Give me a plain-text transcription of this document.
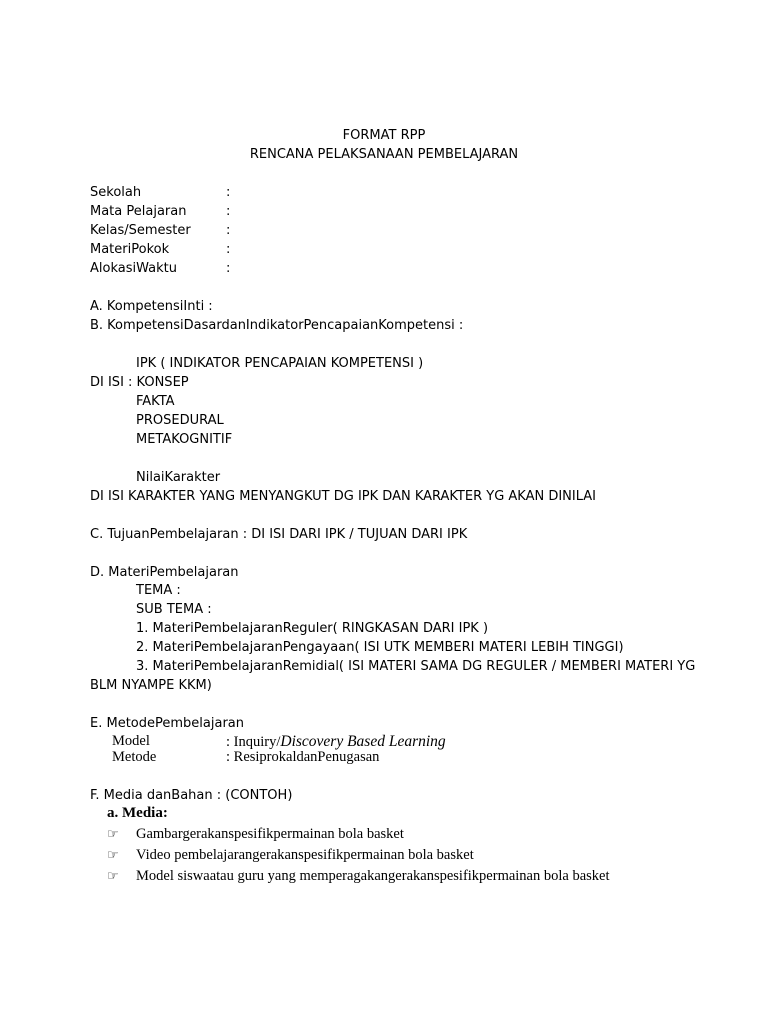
FORMAT RPP
RENCANA PELAKSANAAN PEMBELAJARAN
Sekolah	:
Mata Pelajaran	:
Kelas/Semester	:
MateriPokok	:
AlokasiWaktu	:
A. KompetensiInti :
B. KompetensiDasardanIndikatorPencapaianKompetensi :
IPK ( INDIKATOR PENCAPAIAN KOMPETENSI )
DI ISI : KONSEP
FAKTA
PROSEDURAL
METAKOGNITIF
NilaiKarakter
DI ISI KARAKTER YANG MENYANGKUT DG IPK DAN KARAKTER YG AKAN DINILAI
C. TujuanPembelajaran : DI ISI DARI IPK / TUJUAN DARI IPK
D. MateriPembelajaran
TEMA :
SUB TEMA :
1. MateriPembelajaranReguler( RINGKASAN DARI IPK )
2. MateriPembelajaranPengayaan( ISI UTK MEMBERI MATERI LEBIH TINGGI)
3. MateriPembelajaranRemidial( ISI MATERI SAMA DG REGULER / MEMBERI MATERI YG
BLM NYAMPE KKM)
E. MetodePembelajaran
Model	: Inquiry/Discovery Based Learning
Metode	: ResiprokaldanPenugasan
F. Media danBahan : (CONTOH)
a. Media:
☞ Gambargerakanspesifikpermainan bola basket
☞ Video pembelajarangerakanspesifikpermainan bola basket
☞ Model siswaatau guru yang memperagakangerakanspesifikpermainan bola basket
